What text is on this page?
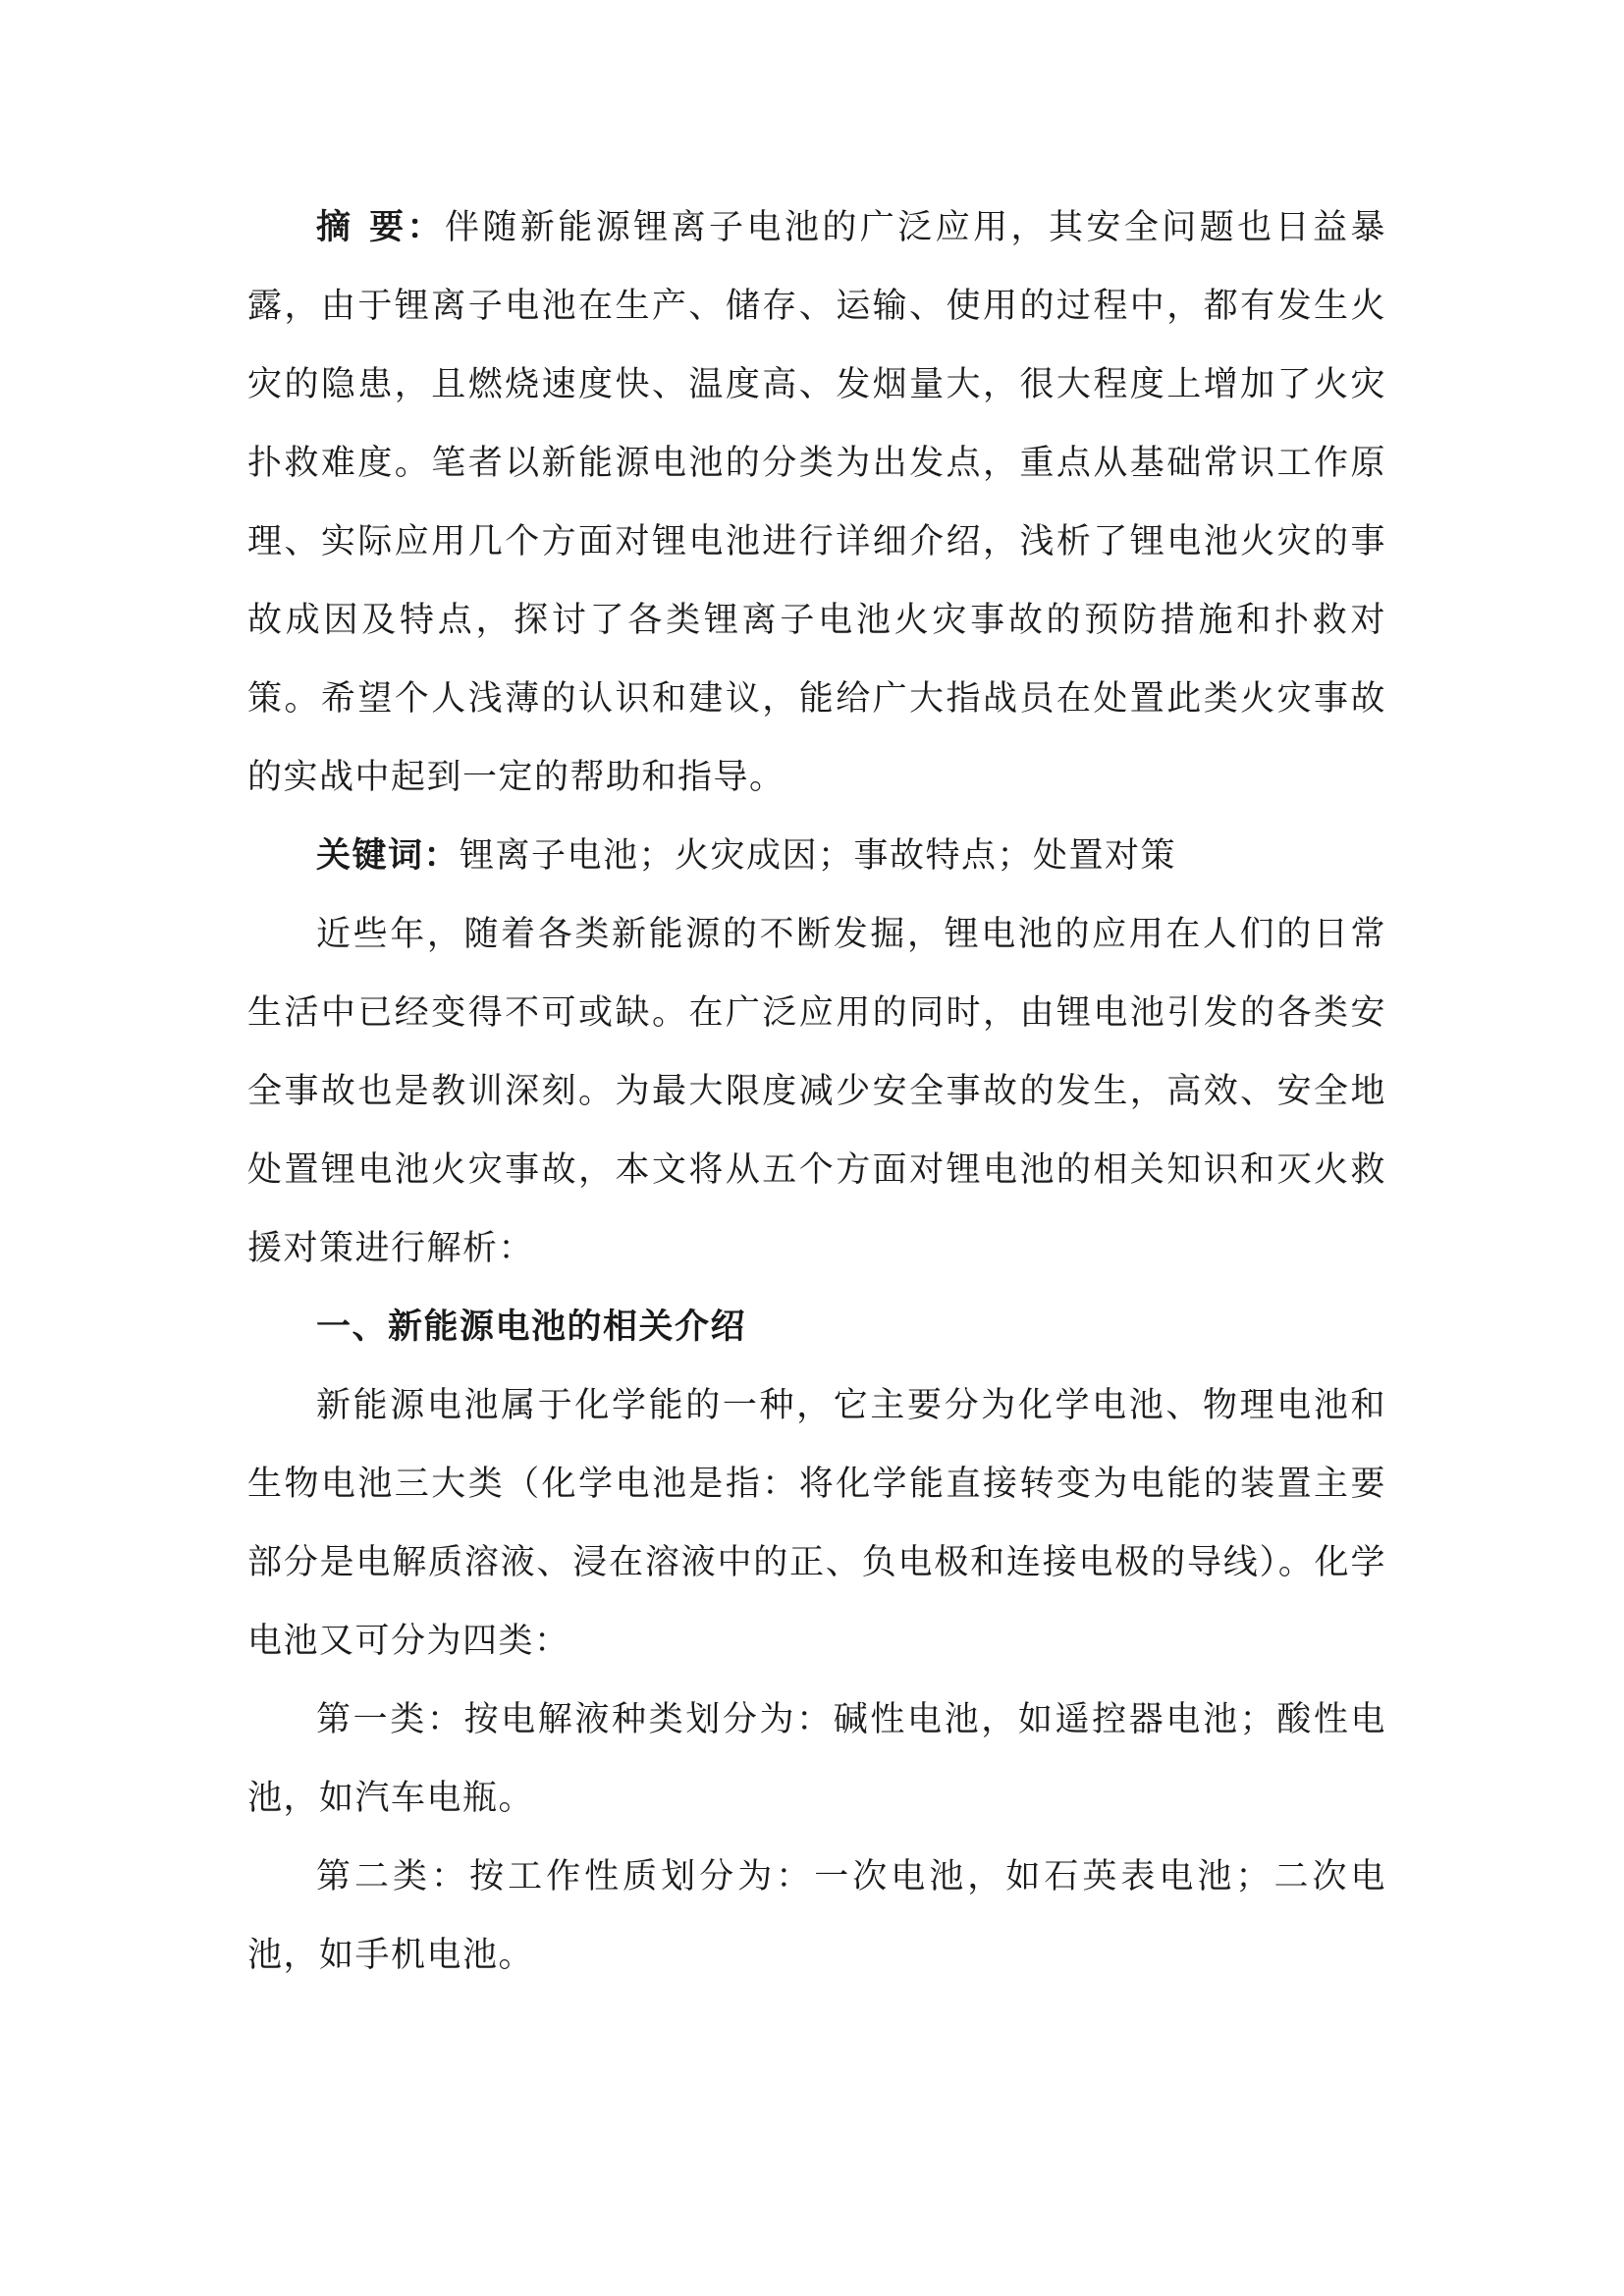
摘 要：伴随新能源锂离子电池的广泛应用，其安全问题也日益暴露，由于锂离子电池在生产、储存、运输、使用的过程中，都有发生火灾的隐患，且燃烧速度快、温度高、发烟量大，很大程度上增加了火灾扑救难度。笔者以新能源电池的分类为出发点，重点从基础常识工作原理、实际应用几个方面对锂电池进行详细介绍，浅析了锂电池火灾的事故成因及特点，探讨了各类锂离子电池火灾事故的预防措施和扑救对策。希望个人浅薄的认识和建议，能给广大指战员在处置此类火灾事故的实战中起到一定的帮助和指导。

关键词：锂离子电池；火灾成因；事故特点；处置对策

近些年，随着各类新能源的不断发掘，锂电池的应用在人们的日常生活中已经变得不可或缺。在广泛应用的同时，由锂电池引发的各类安全事故也是教训深刻。为最大限度减少安全事故的发生，高效、安全地处置锂电池火灾事故，本文将从五个方面对锂电池的相关知识和灭火救援对策进行解析：

一、新能源电池的相关介绍

新能源电池属于化学能的一种，它主要分为化学电池、物理电池和生物电池三大类（化学电池是指：将化学能直接转变为电能的装置主要部分是电解质溶液、浸在溶液中的正、负电极和连接电极的导线）。化学电池又可分为四类：

第一类：按电解液种类划分为：碱性电池，如遥控器电池；酸性电池，如汽车电瓶。

第二类：按工作性质划分为：一次电池，如石英表电池；二次电池，如手机电池。
